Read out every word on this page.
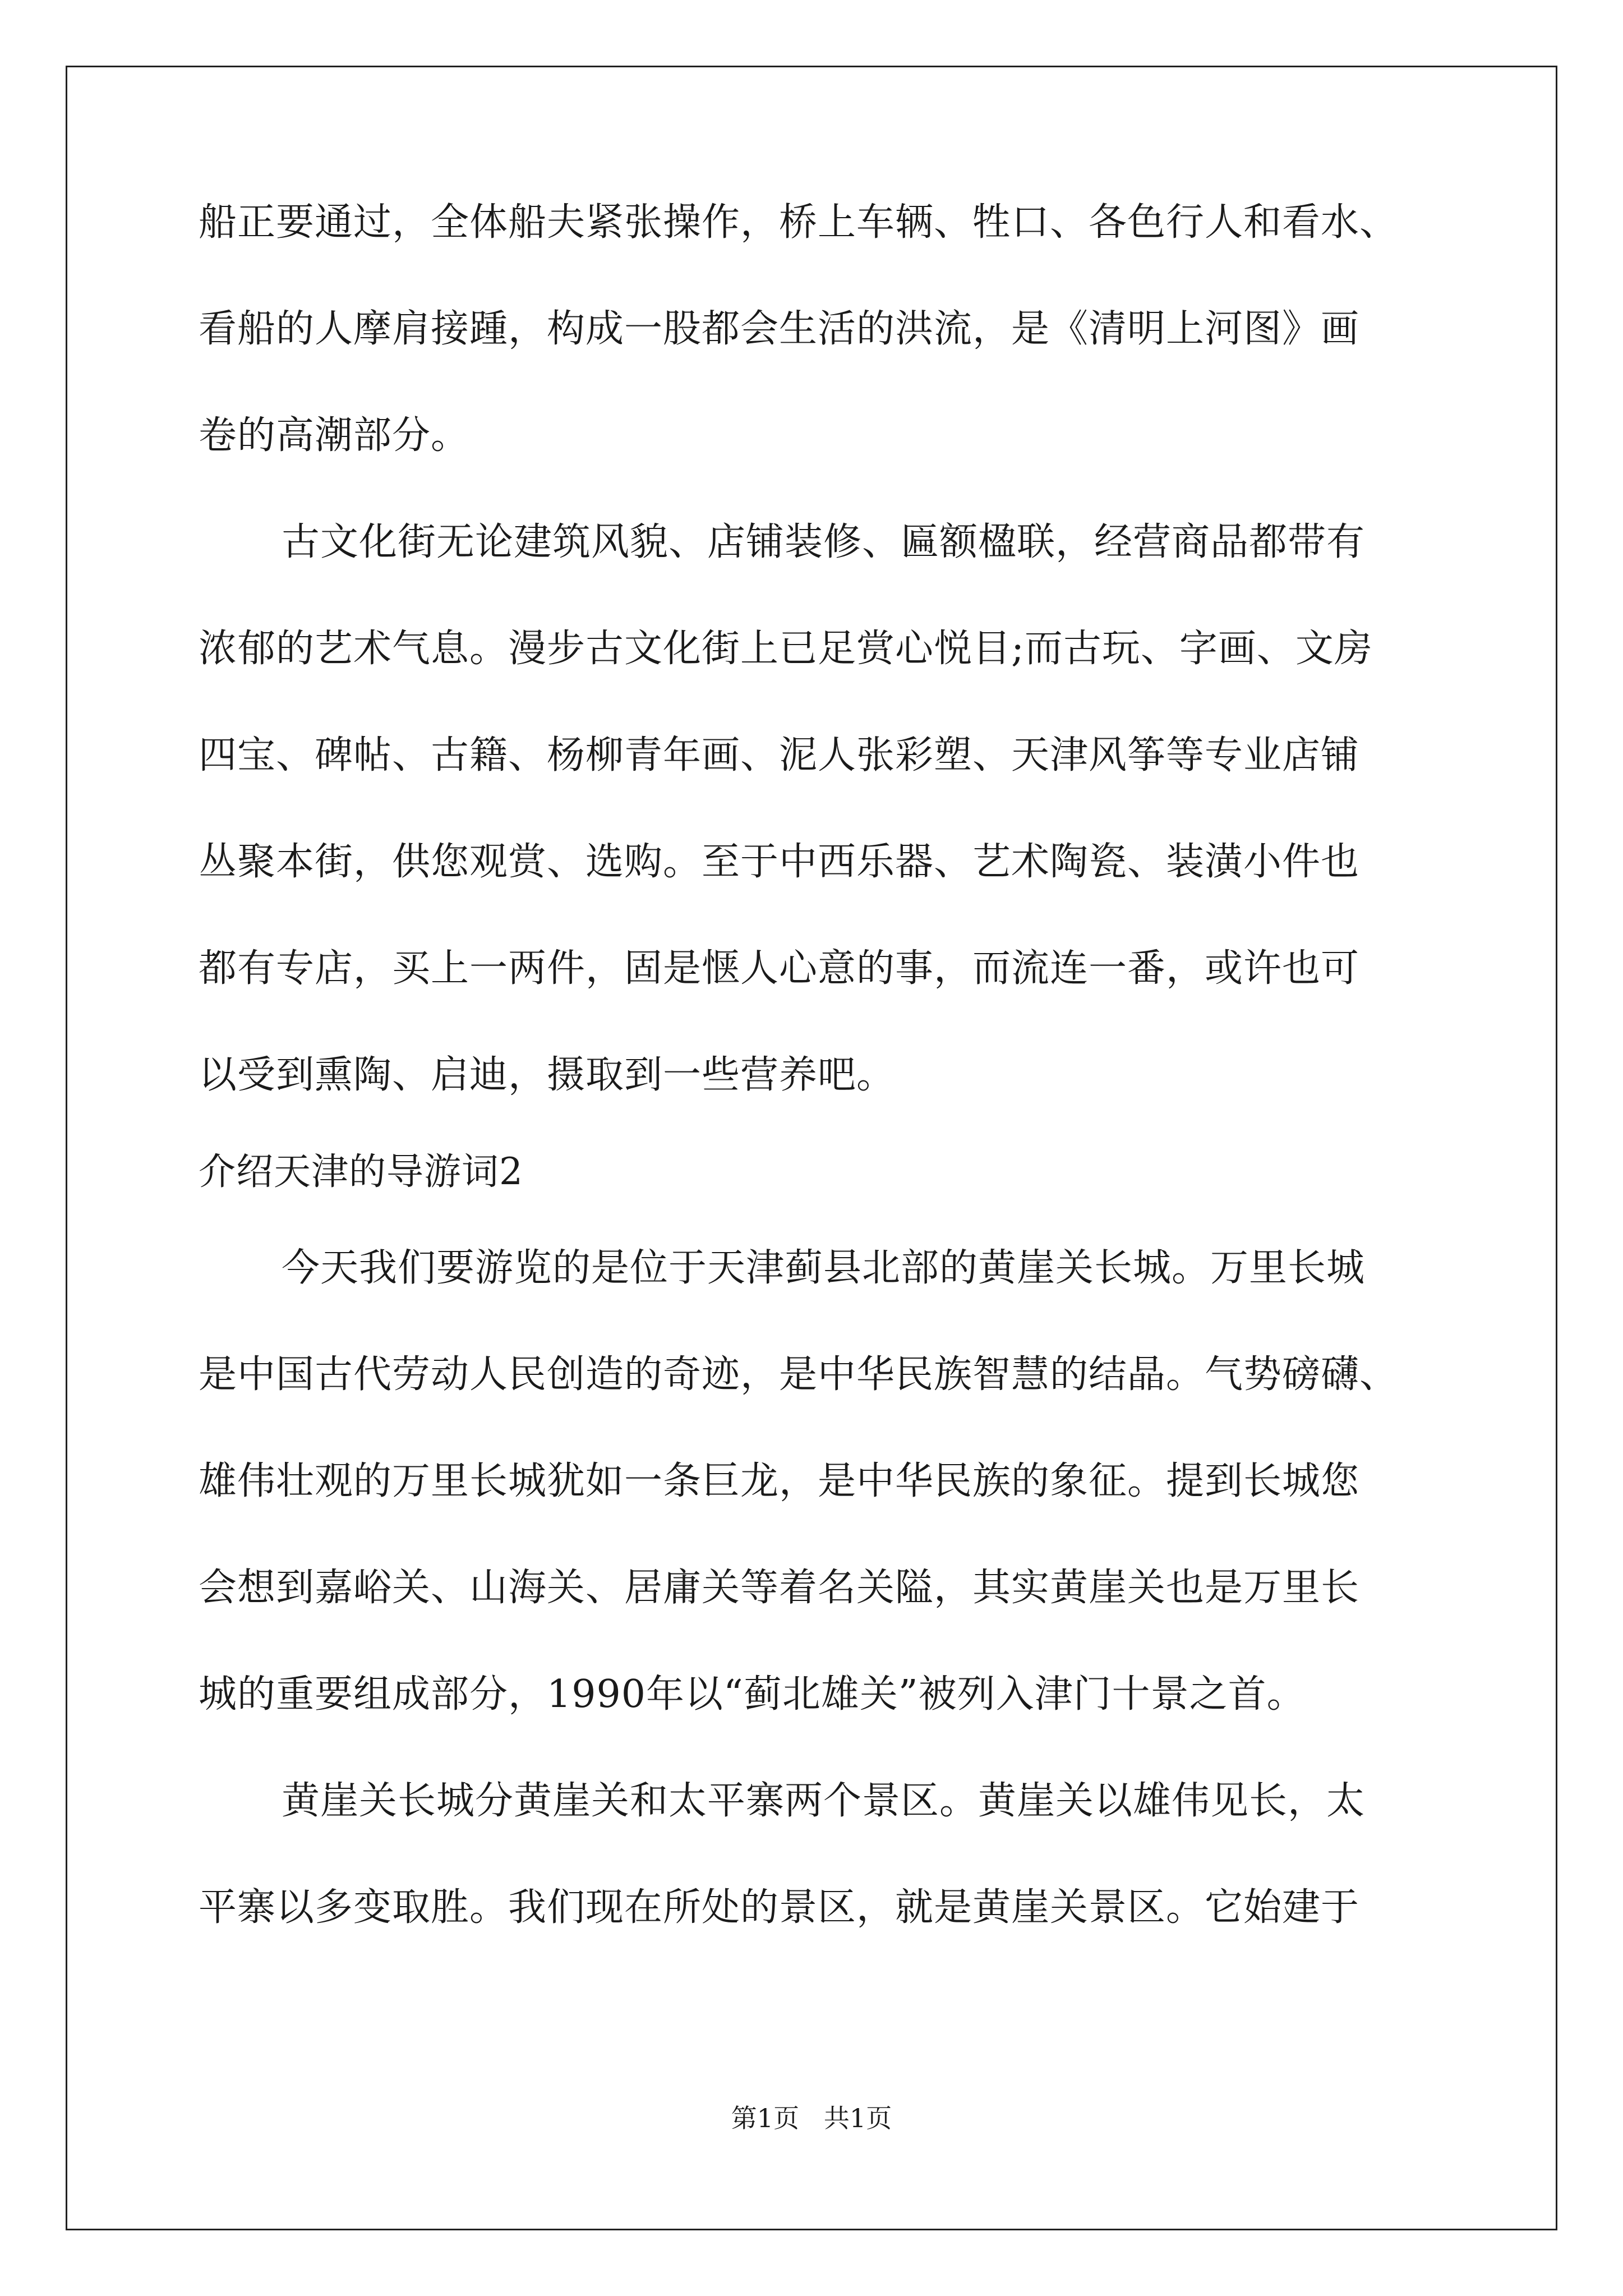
船正要通过，全体船夫紧张操作，桥上车辆、牲口、各色行人和看水、
看船的人摩肩接踵，构成一股都会生活的洪流，是《清明上河图》画
卷的高潮部分。
古文化街无论建筑风貌、店铺装修、匾额楹联，经营商品都带有
浓郁的艺术气息。漫步古文化街上已足赏心悦目;而古玩、字画、文房
四宝、碑帖、古籍、杨柳青年画、泥人张彩塑、天津风筝等专业店铺
丛聚本街，供您观赏、选购。至于中西乐器、艺术陶瓷、装潢小件也
都有专店，买上一两件，固是惬人心意的事，而流连一番，或许也可
以受到熏陶、启迪，摄取到一些营养吧。
介绍天津的导游词2
今天我们要游览的是位于天津蓟县北部的黄崖关长城。万里长城
是中国古代劳动人民创造的奇迹，是中华民族智慧的结晶。气势磅礴、
雄伟壮观的万里长城犹如一条巨龙，是中华民族的象征。提到长城您
会想到嘉峪关、山海关、居庸关等着名关隘，其实黄崖关也是万里长
城的重要组成部分，1990年以“蓟北雄关”被列入津门十景之首。
黄崖关长城分黄崖关和太平寨两个景区。黄崖关以雄伟见长，太
平寨以多变取胜。我们现在所处的景区，就是黄崖关景区。它始建于
第1页   共1页
